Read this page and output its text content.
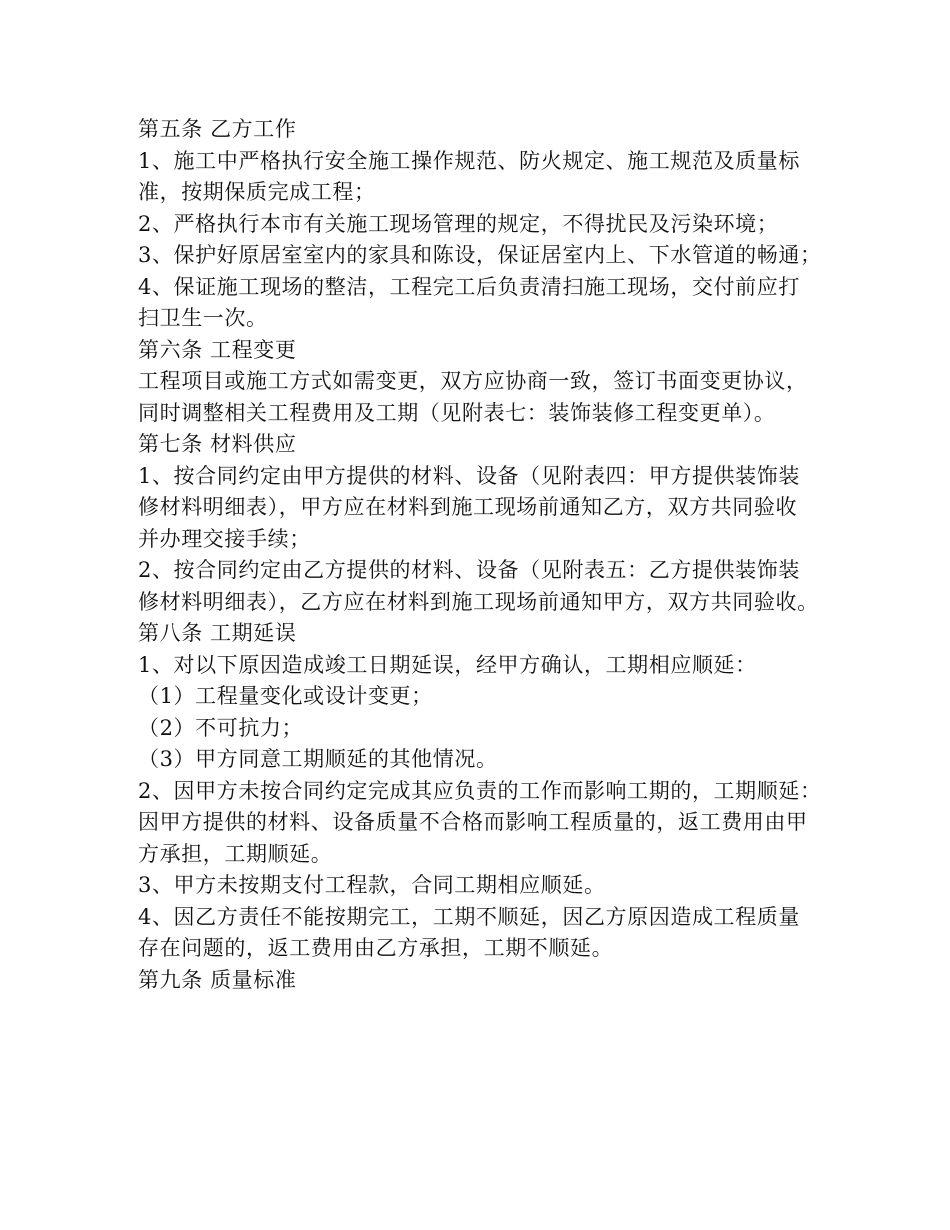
第五条 乙方工作
1、施工中严格执行安全施工操作规范、防火规定、施工规范及质量标
准，按期保质完成工程；
2、严格执行本市有关施工现场管理的规定，不得扰民及污染环境；
3、保护好原居室室内的家具和陈设，保证居室内上、下水管道的畅通；
4、保证施工现场的整洁，工程完工后负责清扫施工现场，交付前应打
扫卫生一次。
第六条 工程变更
工程项目或施工方式如需变更，双方应协商一致，签订书面变更协议，
同时调整相关工程费用及工期（见附表七：装饰装修工程变更单）。
第七条 材料供应
1、按合同约定由甲方提供的材料、设备（见附表四：甲方提供装饰装
修材料明细表），甲方应在材料到施工现场前通知乙方，双方共同验收
并办理交接手续；
2、按合同约定由乙方提供的材料、设备（见附表五：乙方提供装饰装
修材料明细表），乙方应在材料到施工现场前通知甲方，双方共同验收。
第八条 工期延误
1、对以下原因造成竣工日期延误，经甲方确认，工期相应顺延：
（1）工程量变化或设计变更；
（2）不可抗力；
（3）甲方同意工期顺延的其他情况。
2、因甲方未按合同约定完成其应负责的工作而影响工期的，工期顺延：
因甲方提供的材料、设备质量不合格而影响工程质量的，返工费用由甲
方承担，工期顺延。
3、甲方未按期支付工程款，合同工期相应顺延。
4、因乙方责任不能按期完工，工期不顺延，因乙方原因造成工程质量
存在问题的，返工费用由乙方承担，工期不顺延。
第九条 质量标准
